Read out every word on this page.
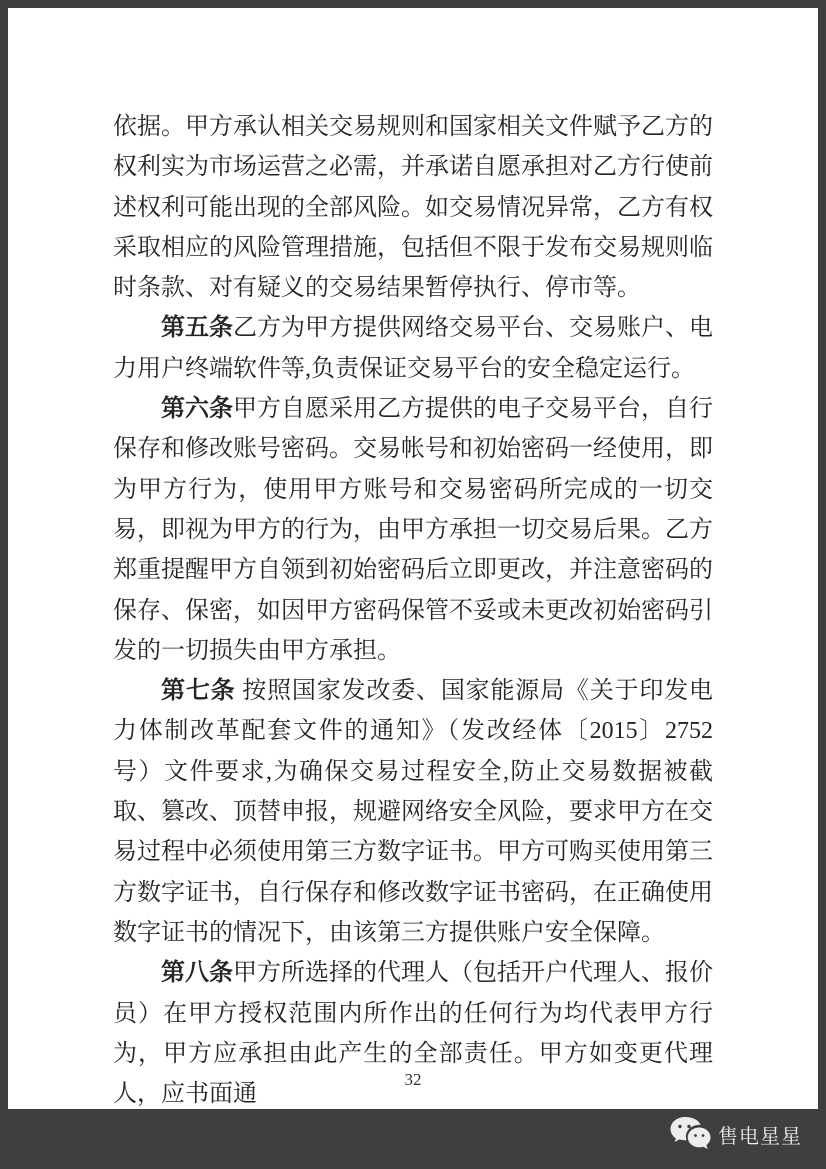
依据。甲方承认相关交易规则和国家相关文件赋予乙方的权利实为市场运营之必需，并承诺自愿承担对乙方行使前述权利可能出现的全部风险。如交易情况异常，乙方有权采取相应的风险管理措施，包括但不限于发布交易规则临时条款、对有疑义的交易结果暂停执行、停市等。

第五条乙方为甲方提供网络交易平台、交易账户、电力用户终端软件等,负责保证交易平台的安全稳定运行。

第六条甲方自愿采用乙方提供的电子交易平台，自行保存和修改账号密码。交易帐号和初始密码一经使用，即为甲方行为，使用甲方账号和交易密码所完成的一切交易，即视为甲方的行为，由甲方承担一切交易后果。乙方郑重提醒甲方自领到初始密码后立即更改，并注意密码的保存、保密，如因甲方密码保管不妥或未更改初始密码引发的一切损失由甲方承担。

第七条 按照国家发改委、国家能源局《关于印发电力体制改革配套文件的通知》（发改经体〔2015〕2752 号）文件要求,为确保交易过程安全,防止交易数据被截取、篡改、顶替申报，规避网络安全风险，要求甲方在交易过程中必须使用第三方数字证书。甲方可购买使用第三方数字证书，自行保存和修改数字证书密码，在正确使用数字证书的情况下，由该第三方提供账户安全保障。

第八条甲方所选择的代理人（包括开户代理人、报价员）在甲方授权范围内所作出的任何行为均代表甲方行为，甲方应承担由此产生的全部责任。甲方如变更代理人，应书面通

32
售电星星
